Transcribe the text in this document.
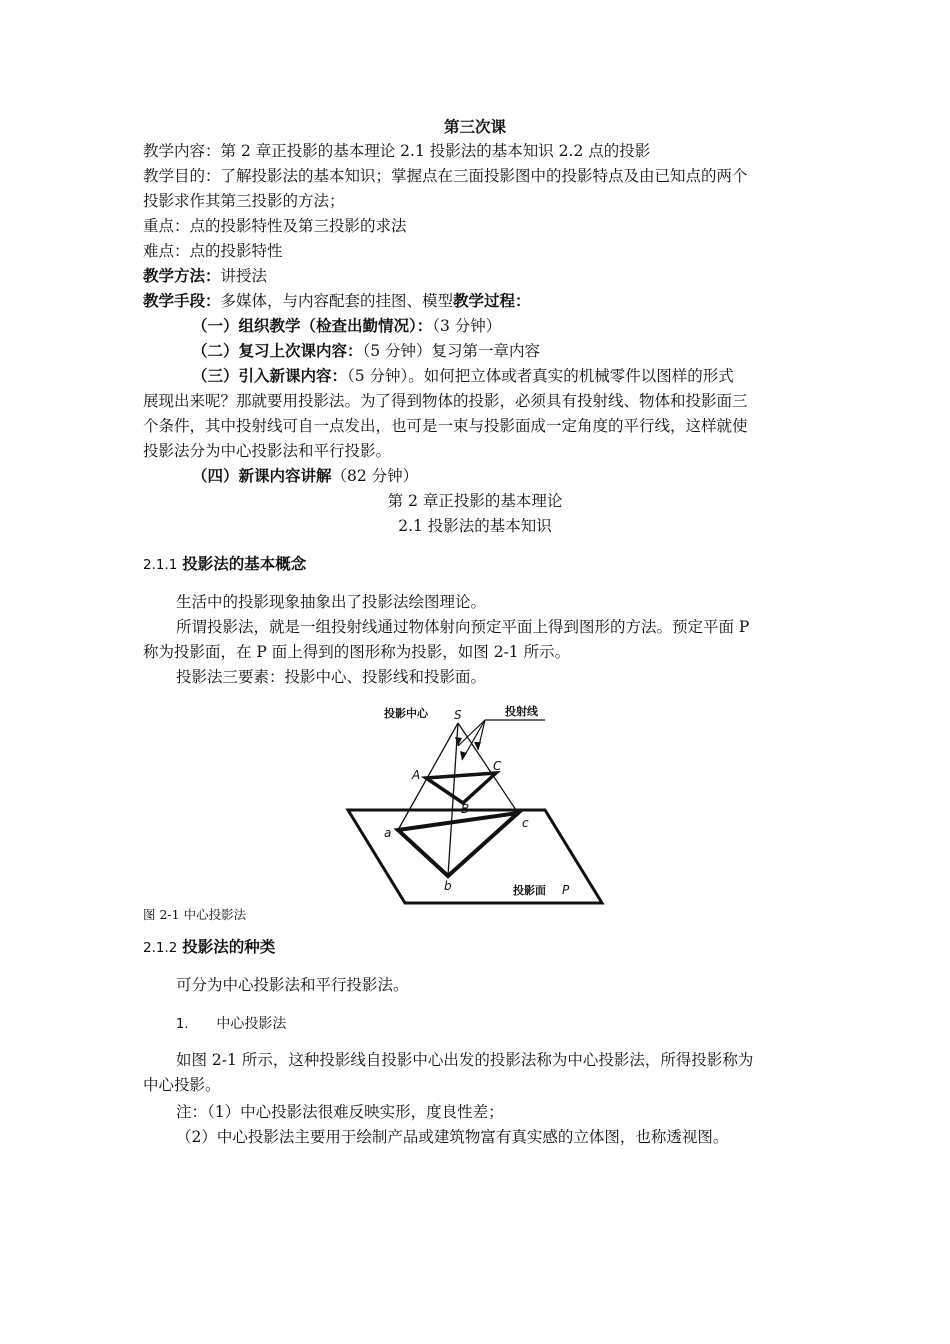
第三次课
教学内容：第 2 章正投影的基本理论 2.1 投影法的基本知识 2.2 点的投影
教学目的：了解投影法的基本知识；掌握点在三面投影图中的投影特点及由已知点的两个
投影求作其第三投影的方法；
重点：点的投影特性及第三投影的求法
难点：点的投影特性
教学方法：讲授法
教学手段：多媒体，与内容配套的挂图、模型教学过程：
（一）组织教学（检查出勤情况）：（3 分钟）
（二）复习上次课内容：（5 分钟）复习第一章内容
（三）引入新课内容：（5 分钟）。如何把立体或者真实的机械零件以图样的形式
展现出来呢？那就要用投影法。为了得到物体的投影，必须具有投射线、物体和投影面三
个条件，其中投射线可自一点发出，也可是一束与投影面成一定角度的平行线，这样就使
投影法分为中心投影法和平行投影。
（四）新课内容讲解（82 分钟）
第 2 章正投影的基本理论
2.1 投影法的基本知识
2.1.1 投影法的基本概念
生活中的投影现象抽象出了投影法绘图理论。
所谓投影法，就是一组投射线通过物体射向预定平面上得到图形的方法。预定平面 P
称为投影面，在 P 面上得到的图形称为投影，如图 2-1 所示。
投影法三要素：投影中心、投影线和投影面。
投影中心	投射线
投影面
S
A
C
B
a
c
b	P
图 2-1 中心投影法
2.1.2 投影法的种类
可分为中心投影法和平行投影法。
1. 中心投影法
如图 2-1 所示，这种投影线自投影中心出发的投影法称为中心投影法，所得投影称为
中心投影。
注：（1）中心投影法很难反映实形，度良性差；
（2）中心投影法主要用于绘制产品或建筑物富有真实感的立体图，也称透视图。
